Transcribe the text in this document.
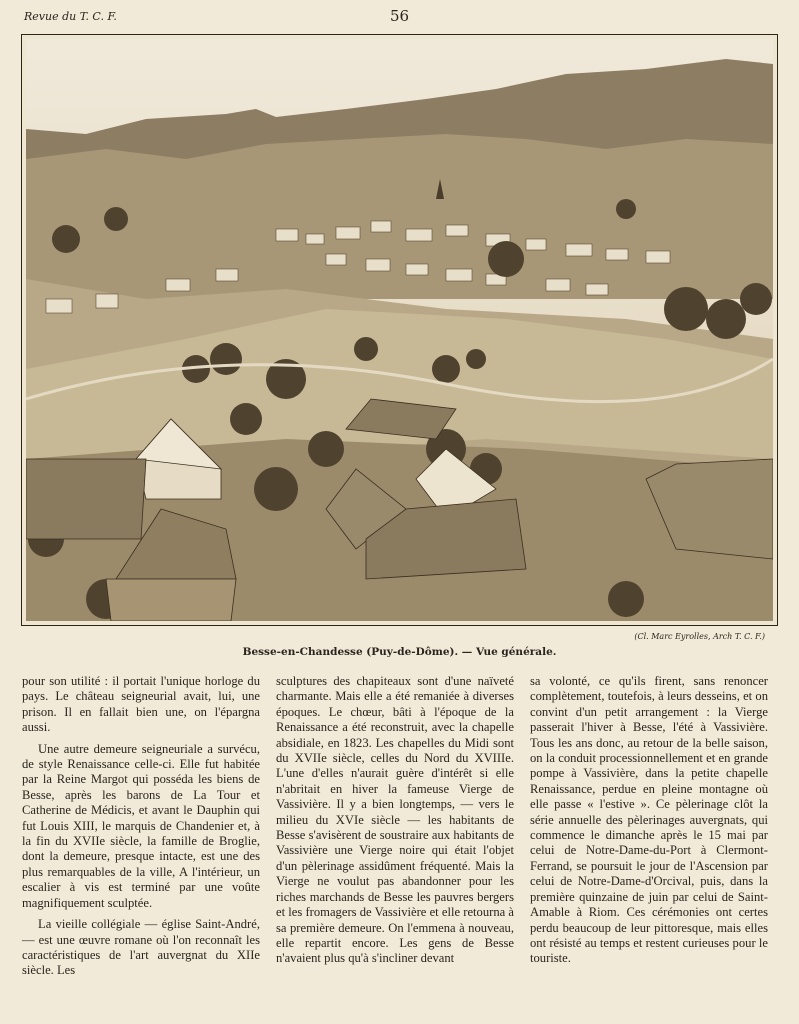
Revue du T. C. F.	56
(Cl. Marc Eyrolles, Arch T. C. F.)
Besse-en-Chandesse (Puy-de-Dôme). — Vue générale.

pour son utilité : il portait l'unique horloge du pays. Le château seigneurial avait, lui, une prison. Il en fallait bien une, on l'épargna aussi.

Une autre demeure seigneuriale a survécu, de style Renaissance celle-ci. Elle fut habitée par la Reine Margot qui posséda les biens de Besse, après les barons de La Tour et Catherine de Médicis, et avant le Dauphin qui fut Louis XIII, le marquis de Chandenier et, à la fin du XVIIe siècle, la famille de Broglie, dont la demeure, presque intacte, est une des plus remarquables de la ville, A l'intérieur, un escalier à vis est terminé par une voûte magnifiquement sculptée.

La vieille collégiale — église Saint-André, — est une œuvre romane où l'on reconnaît les caractéristiques de l'art auvergnat du XIIe siècle. Les

sculptures des chapiteaux sont d'une naïveté charmante. Mais elle a été remaniée à diverses époques. Le chœur, bâti à l'époque de la Renaissance a été reconstruit, avec la chapelle absidiale, en 1823. Les chapelles du Midi sont du XVIIe siècle, celles du Nord du XVIIIe. L'une d'elles n'aurait guère d'intérêt si elle n'abritait en hiver la fameuse Vierge de Vassivière. Il y a bien longtemps, — vers le milieu du XVIe siècle — les habitants de Besse s'avisèrent de soustraire aux habitants de Vassivière une Vierge noire qui était l'objet d'un pèlerinage assidûment fréquenté. Mais la Vierge ne voulut pas abandonner pour les riches marchands de Besse les pauvres bergers et les fromagers de Vassivière et elle retourna à sa première demeure. On l'emmena à nouveau, elle repartit encore. Les gens de Besse n'avaient plus qu'à s'incliner devant

sa volonté, ce qu'ils firent, sans renoncer complètement, toutefois, à leurs desseins, et on convint d'un petit arrangement : la Vierge passerait l'hiver à Besse, l'été à Vassivière. Tous les ans donc, au retour de la belle saison, on la conduit processionnellement et en grande pompe à Vassivière, dans la petite chapelle Renaissance, perdue en pleine montagne où elle passe « l'estive ». Ce pèlerinage clôt la série annuelle des pèlerinages auvergnats, qui commence le dimanche après le 15 mai par celui de Notre-Dame-du-Port à Clermont-Ferrand, se poursuit le jour de l'Ascension par celui de Notre-Dame-d'Orcival, puis, dans la première quinzaine de juin par celui de Saint-Amable à Riom. Ces cérémonies ont certes perdu beaucoup de leur pittoresque, mais elles ont résisté au temps et restent curieuses pour le touriste.
